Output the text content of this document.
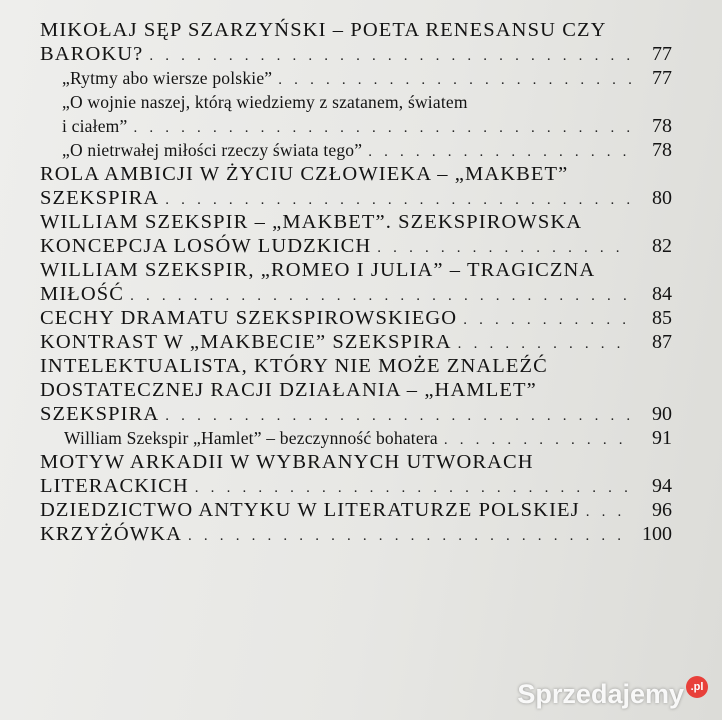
MIKOŁAJ SĘP SZARZYŃSKI – POETA RENESANSU CZY
BAROKU? . . .	77
„Rytmy abo wiersze polskie” . . .	77
„O wojnie naszej, którą wiedziemy z szatanem, światem
i ciałem” . . .	78
„O nietrwałej miłości rzeczy świata tego” . . .	78
ROLA AMBICJI W ŻYCIU CZŁOWIEKA – „MAKBET”
SZEKSPIRA . . .	80
WILLIAM SZEKSPIR – „MAKBET”. SZEKSPIROWSKA
KONCEPCJA LOSÓW LUDZKICH . . .	82
WILLIAM SZEKSPIR, „ROMEO I JULIA” – TRAGICZNA
MIŁOŚĆ . . .	84
CECHY DRAMATU SZEKSPIROWSKIEGO . . .	85
KONTRAST W „MAKBECIE” SZEKSPIRA . . .	87
INTELEKTUALISTA, KTÓRY NIE MOŻE ZNALEŹĆ
DOSTATECZNEJ RACJI DZIAŁANIA – „HAMLET”
SZEKSPIRA . . .	90
William Szekspir „Hamlet” – bezczynność bohatera . . .	91
MOTYW ARKADII W WYBRANYCH UTWORACH
LITERACKICH . . .	94
DZIEDZICTWO ANTYKU W LITERATURZE POLSKIEJ . . .	96
KRZYŻÓWKA . . .	100
Sprzedajemy .pl
